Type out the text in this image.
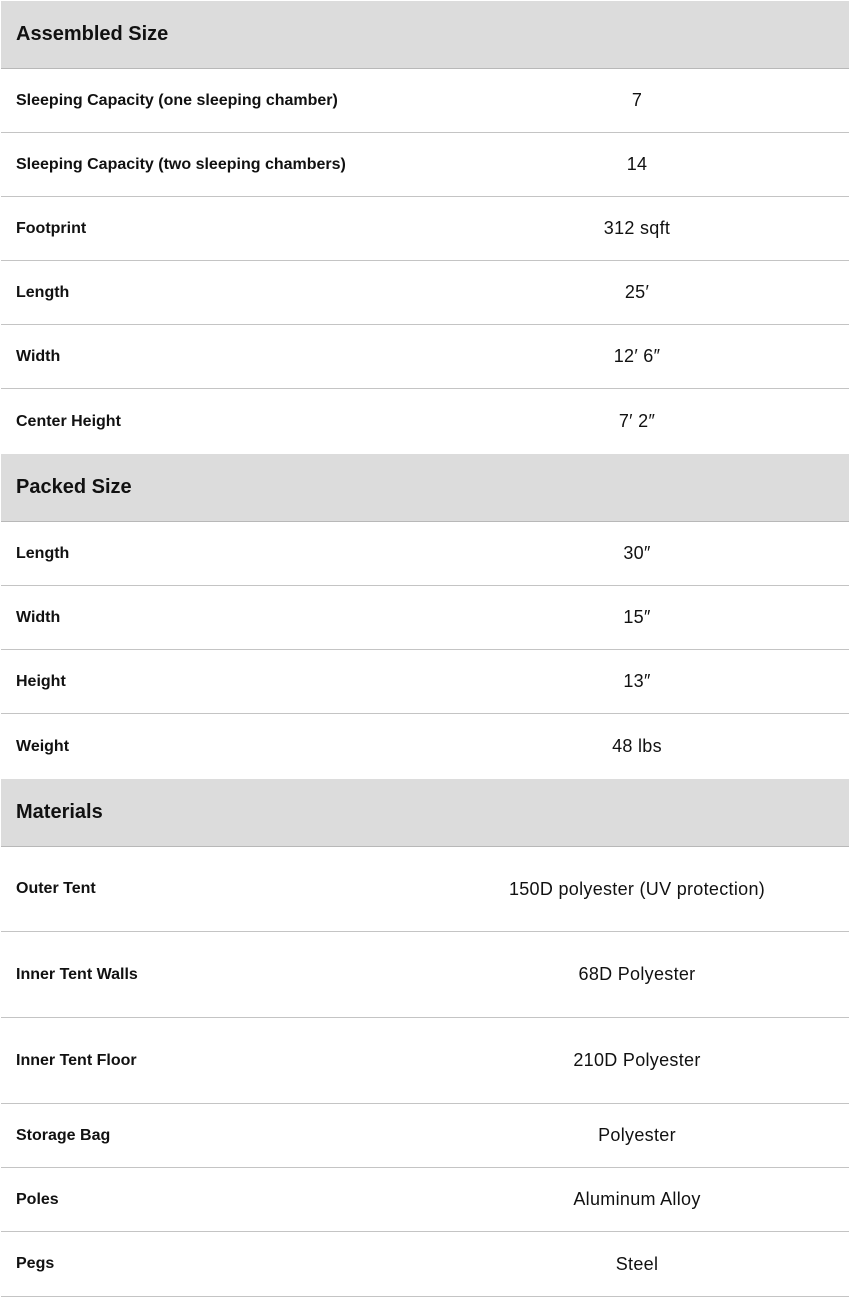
Assembled Size
Sleeping Capacity (one sleeping chamber)	7
Sleeping Capacity (two sleeping chambers)	14
Footprint	312 sqft
Length	25′
Width	12′ 6″
Center Height	7′ 2″
Packed Size
Length	30″
Width	15″
Height	13″
Weight	48 lbs
Materials
Outer Tent	150D polyester (UV protection)
Inner Tent Walls	68D Polyester
Inner Tent Floor	210D Polyester
Storage Bag	Polyester
Poles	Aluminum Alloy
Pegs	Steel
